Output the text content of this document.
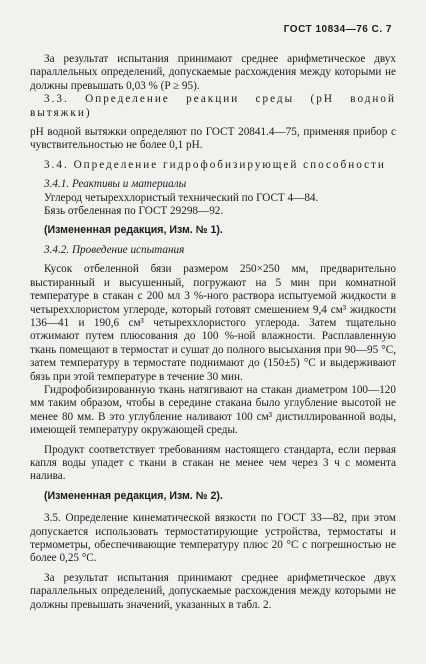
ГОСТ 10834—76 С. 7

За результат испытания принимают среднее арифметическое двух параллельных определений, допускаемые расхождения между которыми не должны превышать 0,03 % (P ≥ 95).

3.3. Определение реакции среды (pH водной вытяжки)

pH водной вытяжки определяют по ГОСТ 20841.4—75, применяя прибор с чувствительностью не более 0,1 pH.

3.4. Определение гидрофобизирующей способности

3.4.1. Реактивы и материалы

Углерод четыреххлористый технический по ГОСТ 4—84.

Бязь отбеленная по ГОСТ 29298—92.

(Измененная редакция, Изм. № 1).

3.4.2. Проведение испытания

Кусок отбеленной бязи размером 250×250 мм, предварительно выстиранный и высушенный, погружают на 5 мин при комнатной температуре в стакан с 200 мл 3 %-ного раствора испытуемой жидкости в четыреххлористом углероде, который готовят смешением 9,4 см³ жидкости 136—41 и 190,6 см³ четыреххлористого углерода. Затем тщательно отжимают путем плюсования до 100 %-ной влажности. Расплавленную ткань помещают в термостат и сушат до полного высыхания при 90—95 °С, затем температуру в термостате поднимают до (150±5) °С и выдерживают бязь при этой температуре в течение 30 мин.

Гидрофобизированную ткань натягивают на стакан диаметром 100—120 мм таким образом, чтобы в середине стакана было углубление высотой не менее 80 мм. В это углубление наливают 100 см³ дистиллированной воды, имеющей температуру окружающей среды.

Продукт соответствует требованиям настоящего стандарта, если первая капля воды упадет с ткани в стакан не менее чем через 3 ч с момента налива.

(Измененная редакция, Изм. № 2).

3.5. Определение кинематической вязкости по ГОСТ 33—82, при этом допускается использовать термостатирующие устройства, термостаты и термометры, обеспечивающие температуру плюс 20 °С с погрешностью не более 0,25 °С.

За результат испытания принимают среднее арифметическое двух параллельных определений, допускаемые расхождения между которыми не должны превышать значений, указанных в табл. 2.
